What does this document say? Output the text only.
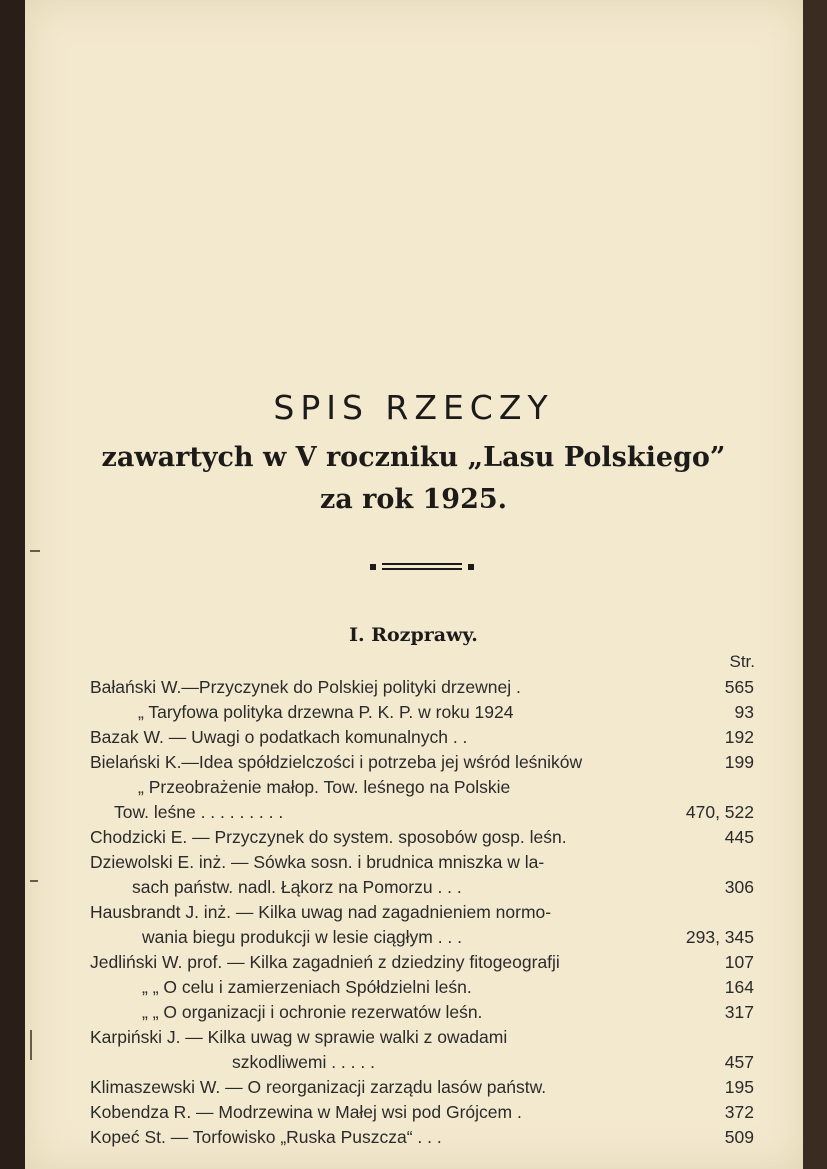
SPIS RZECZY
zawartych w V roczniku „Lasu Polskiego”
za rok 1925.
I. Rozprawy.
Str.
Bаłański W.—Przyczynek do Polskiej polityki drzewnej .	565
„ Taryfowa polityka drzewna P. K. P. w roku 1924	93
Bazak W. — Uwagi o podatkach komunalnych . .	192
Bielański K.—Idea spółdzielczości i potrzeba jej wśród leśników	199
„ Przeobrażenie małop. Tow. leśnego na Polskie
Tow. leśne . . . . . . . . .	470, 522
Chodzicki E. — Przyczynek do system. sposobów gosp. leśn.	445
Dziewolski E. inż. — Sówka sosn. i brudnica mniszka w la-
sach państw. nadl. Łąkorz na Pomorzu . . .	306
Hausbrandt J. inż. — Kilka uwag nad zagadnieniem normo-
wania biegu produkcji w lesie ciągłym . . .	293, 345
Jedliński W. prof. — Kilka zagadnień z dziedziny fitogeografji	107
„ „ O celu i zamierzeniach Spółdzielni leśn.	164
„ „ O organizacji i ochronie rezerwatów leśn.	317
Karpiński J. — Kilka uwag w sprawie walki z owadami
szkodliwemi . . . . .	457
Klimaszewski W. — O reorganizacji zarządu lasów państw.	195
Kobendza R. — Modrzewina w Małej wsi pod Grójcem .	372
Kopeć St. — Torfowisko „Ruska Puszcza“ . . .	509
